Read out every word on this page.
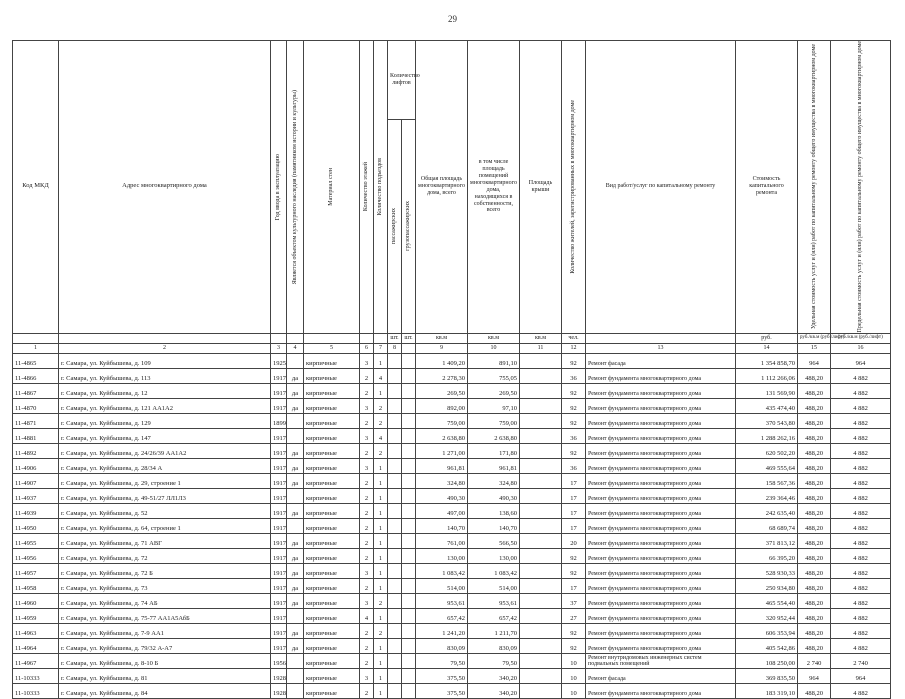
29
Код МКД	Адрес многоквартирного дома	Год ввода в эксплуатацию	Является объектом культурного наследия (памятником истории и культуры)	Материал стен	Количество этажей	Количество подъездов	Количество лифтов		Общая площадь многоквартирного дома, всего	в том числе площадь помещений многоквартирного дома, находящихся в собственности, всего	Площадь крыши	Количество жителей, зарегистрированных в многоквартирном доме	Вид работ/услуг по капитальному ремонту	Стоимость капитального ремонта	Удельная стоимость услуг и (или) работ по капитальному ремонту общего имущества в многоквартирном доме	Предельная стоимость услуг и (или) работ по капитальному ремонту общего имущества в многоквартирном доме

							пассажирских	грузопассажирских								

							шт.	шт.	кв.м	кв.м	кв.м	чел.		руб.	руб./кв.м (руб./лифт)	руб./кв.м (руб./лифт)
1	2	3	4	5	6	7	8		9	10	11	12	13	14	15	16
11-4865	г. Самара, ул. Куйбышева, д. 109	1925		кирпичные	3	1			1 409,20	891,10		92	Ремонт фасада	1 354 858,70	964	964
11-4866	г. Самара, ул. Куйбышева, д. 113	1917	да	кирпичные	2	4			2 278,30	755,05		36	Ремонт фундамента многоквартирного дома	1 112 266,06	488,20	4 882
11-4867	г. Самара, ул. Куйбышева, д. 12	1917	да	кирпичные	2	1			269,50	269,50		92	Ремонт фундамента многоквартирного дома	131 569,90	488,20	4 882
11-4870	г. Самара, ул. Куйбышева, д. 121 АА1А2	1917	да	кирпичные	3	2			892,00	97,10		92	Ремонт фундамента многоквартирного дома	435 474,40	488,20	4 882
11-4871	г. Самара, ул. Куйбышева, д. 129	1899		кирпичные	2	2			759,00	759,00		92	Ремонт фундамента многоквартирного дома	370 543,80	488,20	4 882
11-4881	г. Самара, ул. Куйбышева, д. 147	1917		кирпичные	3	4			2 638,80	2 638,80		36	Ремонт фундамента многоквартирного дома	1 288 262,16	488,20	4 882
11-4892	г. Самара, ул. Куйбышева, д. 24/26/39 АА1А2	1917	да	кирпичные	2	2			1 271,00	171,80		92	Ремонт фундамента многоквартирного дома	620 502,20	488,20	4 882
11-4906	г. Самара, ул. Куйбышева, д. 28/34 А	1917	да	кирпичные	3	1			961,81	961,81		36	Ремонт фундамента многоквартирного дома	469 555,64	488,20	4 882
11-4907	г. Самара, ул. Куйбышева, д. 29, строение 1	1917	да	кирпичные	2	1			324,80	324,80		17	Ремонт фундамента многоквартирного дома	158 567,36	488,20	4 882
11-4937	г. Самара, ул. Куйбышева, д. 49-51/27 ЛЛ1Л3	1917		кирпичные	2	1			490,30	490,30		17	Ремонт фундамента многоквартирного дома	239 364,46	488,20	4 882
11-4939	г. Самара, ул. Куйбышева, д. 52	1917	да	кирпичные	2	1			497,00	138,60		17	Ремонт фундамента многоквартирного дома	242 635,40	488,20	4 882
11-4950	г. Самара, ул. Куйбышева, д. 64, строение 1	1917		кирпичные	2	1			140,70	140,70		17	Ремонт фундамента многоквартирного дома	68 689,74	488,20	4 882
11-4955	г. Самара, ул. Куйбышева, д. 71 АВГ	1917	да	кирпичные	2	1			761,00	566,50		20	Ремонт фундамента многоквартирного дома	371 813,12	488,20	4 882
11-4956	г. Самара, ул. Куйбышева, д. 72	1917	да	кирпичные	2	1			130,00	130,00		92	Ремонт фундамента многоквартирного дома	66 395,20	488,20	4 882
11-4957	г. Самара, ул. Куйбышева, д. 72 Б	1917	да	кирпичные	3	1			1 083,42	1 083,42		92	Ремонт фундамента многоквартирного дома	528 930,33	488,20	4 882
11-4958	г. Самара, ул. Куйбышева, д. 73	1917	да	кирпичные	2	1			514,00	514,00		17	Ремонт фундамента многоквартирного дома	250 934,80	488,20	4 882
11-4960	г. Самара, ул. Куйбышева, д. 74 АБ	1917	да	кирпичные	3	2			953,61	953,61		37	Ремонт фундамента многоквартирного дома	465 554,40	488,20	4 882
11-4959	г. Самара, ул. Куйбышева, д. 75-77 АА1А5АбБ	1917		кирпичные	4	1			657,42	657,42		27	Ремонт фундамента многоквартирного дома	320 952,44	488,20	4 882
11-4963	г. Самара, ул. Куйбышева, д. 7-9 АА1	1917	да	кирпичные	2	2			1 241,20	1 211,70		92	Ремонт фундамента многоквартирного дома	606 353,94	488,20	4 882
11-4964	г. Самара, ул. Куйбышева, д. 79/32 А-А7	1917	да	кирпичные	2	1			830,09	830,09		92	Ремонт фундамента многоквартирного дома	405 542,86	488,20	4 882
11-4967	г. Самара, ул. Куйбышева, д. 8-10 Б	1956		кирпичные	2	1			79,50	79,50		10	Ремонт внутридомовых инженерных систем подвальных помещений	108 250,00	2 740	2 740
11-10333	г. Самара, ул. Куйбышева, д. 81	1928		кирпичные	3	1			375,50	340,20		10	Ремонт фасада	369 835,50	964	964
11-10333	г. Самара, ул. Куйбышева, д. 84	1928		кирпичные	2	1			375,50	340,20		10	Ремонт фундамента многоквартирного дома	183 319,10	488,20	4 882
